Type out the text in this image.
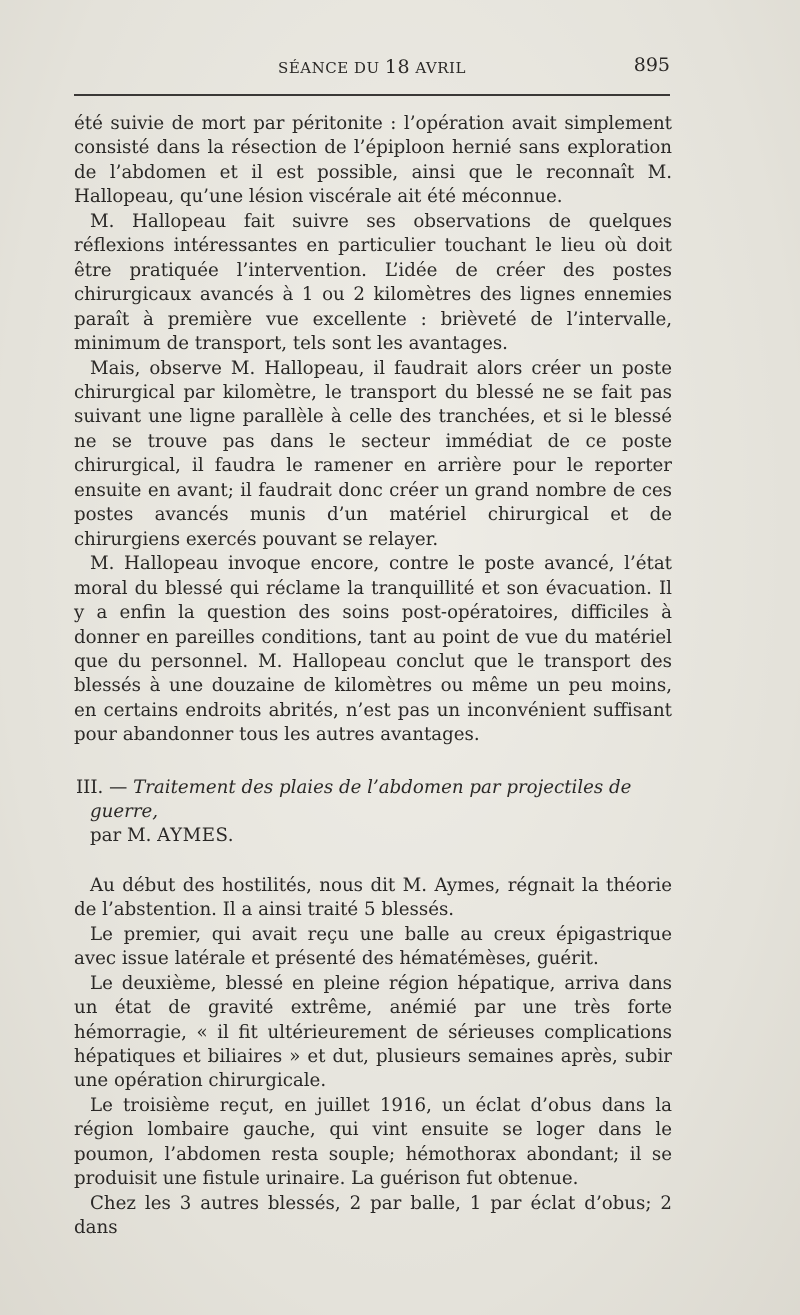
SÉANCE DU 18 AVRIL	895

été suivie de mort par péritonite : l’opération avait simplement consisté dans la résection de l’épiploon hernié sans exploration de l’abdomen et il est possible, ainsi que le reconnaît M. Hallopeau, qu’une lésion viscérale ait été méconnue.

M. Hallopeau fait suivre ses observations de quelques réflexions intéressantes en particulier touchant le lieu où doit être pratiquée l’intervention. L’idée de créer des postes chirurgicaux avancés à 1 ou 2 kilomètres des lignes ennemies paraît à première vue excellente : brièveté de l’intervalle, minimum de transport, tels sont les avantages.

Mais, observe M. Hallopeau, il faudrait alors créer un poste chirurgical par kilomètre, le transport du blessé ne se fait pas suivant une ligne parallèle à celle des tranchées, et si le blessé ne se trouve pas dans le secteur immédiat de ce poste chirurgical, il faudra le ramener en arrière pour le reporter ensuite en avant; il faudrait donc créer un grand nombre de ces postes avancés munis d’un matériel chirurgical et de chirurgiens exercés pouvant se relayer.

M. Hallopeau invoque encore, contre le poste avancé, l’état moral du blessé qui réclame la tranquillité et son évacuation. Il y a enfin la question des soins post-opératoires, difficiles à donner en pareilles conditions, tant au point de vue du matériel que du personnel. M. Hallopeau conclut que le transport des blessés à une douzaine de kilomètres ou même un peu moins, en certains endroits abrités, n’est pas un inconvénient suffisant pour abandonner tous les autres avantages.

III. — Traitement des plaies de l’abdomen par projectiles de guerre,
par M. AYMES.

Au début des hostilités, nous dit M. Aymes, régnait la théorie de l’abstention. Il a ainsi traité 5 blessés.

Le premier, qui avait reçu une balle au creux épigastrique avec issue latérale et présenté des hématémèses, guérit.

Le deuxième, blessé en pleine région hépatique, arriva dans un état de gravité extrême, anémié par une très forte hémorragie, « il fit ultérieurement de sérieuses complications hépatiques et biliaires » et dut, plusieurs semaines après, subir une opération chirurgicale.

Le troisième reçut, en juillet 1916, un éclat d’obus dans la région lombaire gauche, qui vint ensuite se loger dans le poumon, l’abdomen resta souple; hémothorax abondant; il se produisit une fistule urinaire. La guérison fut obtenue.

Chez les 3 autres blessés, 2 par balle, 1 par éclat d’obus; 2 dans
